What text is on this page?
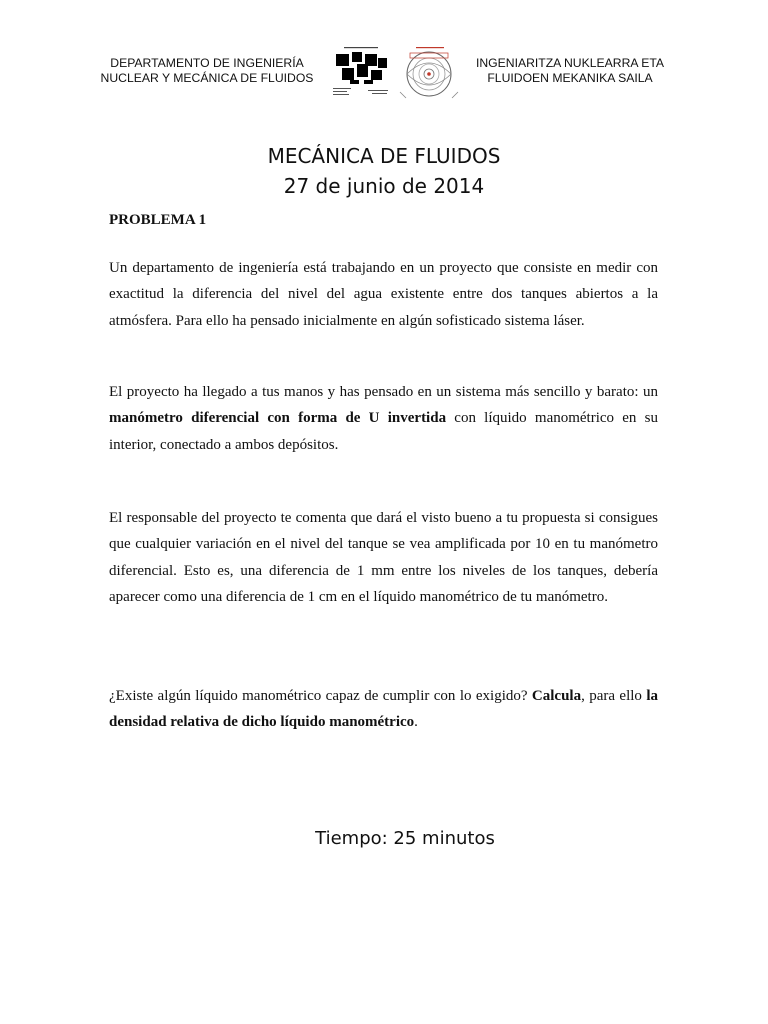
DEPARTAMENTO DE INGENIERÍA
NUCLEAR Y MECÁNICA DE FLUIDOS
INGENIARITZA NUKLEARRA ETA
FLUIDOEN MEKANIKA SAILA
MECÁNICA DE FLUIDOS
27 de junio de 2014
PROBLEMA 1
Un departamento de ingeniería está trabajando en un proyecto que consiste en medir con exactitud la diferencia del nivel del agua existente entre dos tanques abiertos a la atmósfera. Para ello ha pensado inicialmente en algún sofisticado sistema láser.
El proyecto ha llegado a tus manos y has pensado en un sistema más sencillo y barato: un manómetro diferencial con forma de U invertida con líquido manométrico en su interior, conectado a ambos depósitos.
El responsable del proyecto te comenta que dará el visto bueno a tu propuesta si consigues que cualquier variación en el nivel del tanque se vea amplificada por 10 en tu manómetro diferencial. Esto es, una diferencia de 1 mm entre los niveles de los tanques, debería aparecer como una diferencia de 1 cm en el líquido manométrico de tu manómetro.
¿Existe algún líquido manométrico capaz de cumplir con lo exigido? Calcula, para ello la densidad relativa de dicho líquido manométrico.
Tiempo: 25 minutos
